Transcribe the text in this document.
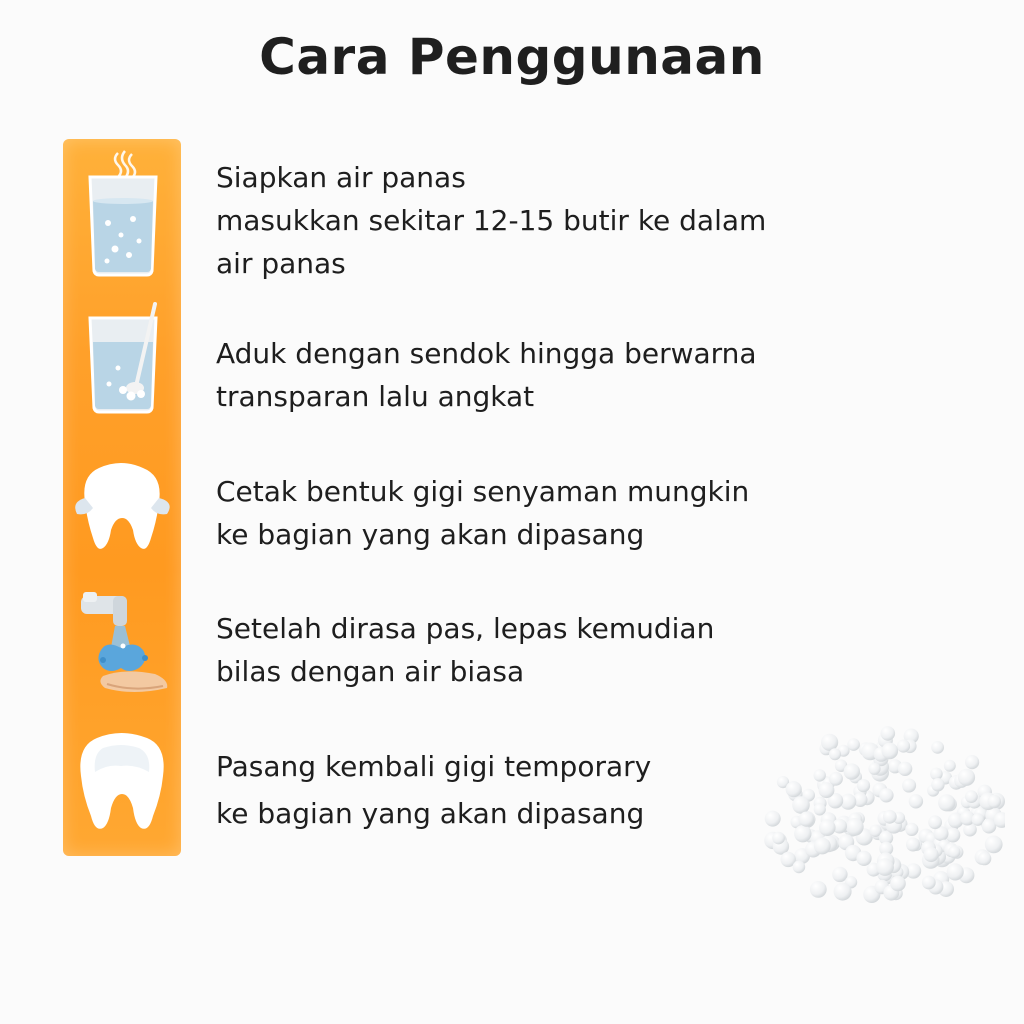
Cara Penggunaan
Siapkan air panas
masukkan sekitar 12-15 butir ke dalam
air panas
Aduk dengan sendok hingga berwarna
transparan lalu angkat
Cetak bentuk gigi senyaman mungkin
ke bagian yang akan dipasang
Setelah dirasa pas, lepas kemudian
bilas dengan air biasa
Pasang kembali gigi temporary
ke bagian yang akan dipasang
